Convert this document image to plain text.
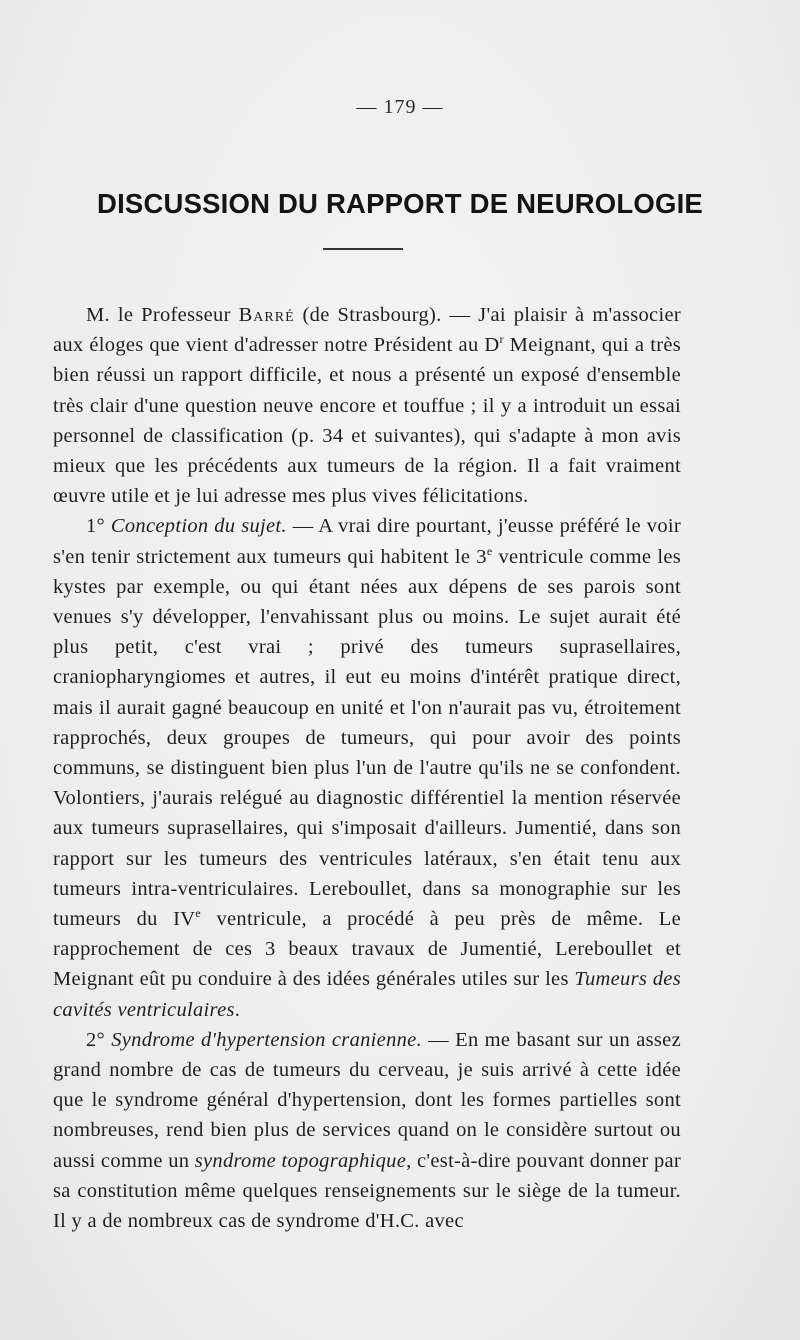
— 179 —
DISCUSSION DU RAPPORT DE NEUROLOGIE

M. le Professeur Barré (de Strasbourg). — J'ai plaisir à m'associer aux éloges que vient d'adresser notre Président au $D^r$ Meignant, qui a très bien réussi un rapport difficile, et nous a présenté un exposé d'ensemble très clair d'une question neuve encore et touffue ; il y a introduit un essai personnel de classification (p. 34 et suivantes), qui s'adapte à mon avis mieux que les précédents aux tumeurs de la région. Il a fait vraiment œuvre utile et je lui adresse mes plus vives félicitations.

1° Conception du sujet. — A vrai dire pourtant, j'eusse préféré le voir s'en tenir strictement aux tumeurs qui habitent le 3e ventricule comme les kystes par exemple, ou qui étant nées aux dépens de ses parois sont venues s'y développer, l'envahissant plus ou moins. Le sujet aurait été plus petit, c'est vrai ; privé des tumeurs suprasellaires, craniopharyngiomes et autres, il eut eu moins d'intérêt pratique direct, mais il aurait gagné beaucoup en unité et l'on n'aurait pas vu, étroitement rapprochés, deux groupes de tumeurs, qui pour avoir des points communs, se distinguent bien plus l'un de l'autre qu'ils ne se confondent. Volontiers, j'aurais relégué au diagnostic différentiel la mention réservée aux tumeurs suprasellaires, qui s'imposait d'ailleurs. Jumentié, dans son rapport sur les tumeurs des ventricules latéraux, s'en était tenu aux tumeurs intra-ventriculaires. Lereboullet, dans sa monographie sur les tumeurs du IVe ventricule, a procédé à peu près de même. Le rapprochement de ces 3 beaux travaux de Jumentié, Lereboullet et Meignant eût pu conduire à des idées générales utiles sur les Tumeurs des cavités ventriculaires.

2° Syndrome d'hypertension cranienne. — En me basant sur un assez grand nombre de cas de tumeurs du cerveau, je suis arrivé à cette idée que le syndrome général d'hypertension, dont les formes partielles sont nombreuses, rend bien plus de services quand on le considère surtout ou aussi comme un syndrome topographique, c'est-à-dire pouvant donner par sa constitution même quelques renseignements sur le siège de la tumeur. Il y a de nombreux cas de syndrome d'H.C. avec
